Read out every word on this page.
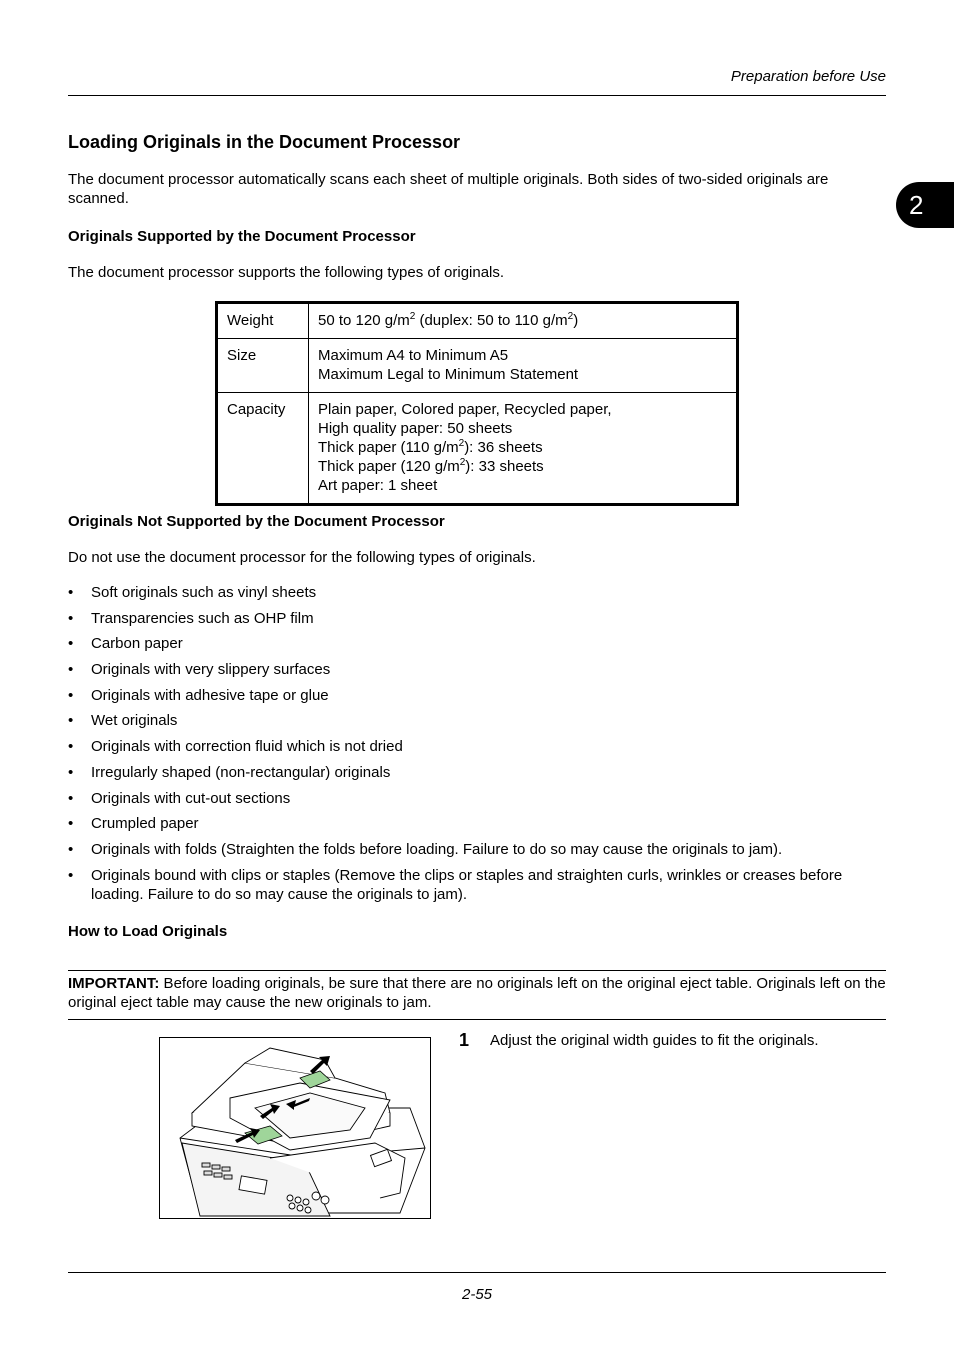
Preparation before Use
2
Loading Originals in the Document Processor
The document processor automatically scans each sheet of multiple originals. Both sides of two-sided originals are scanned.
Originals Supported by the Document Processor
The document processor supports the following types of originals.
Weight	50 to 120 $g/m^2$ (duplex: 50 to 110 $g/m^2$)
Size	Maximum A4 to Minimum A5
Maximum Legal to Minimum Statement

Capacity	Plain paper, Colored paper, Recycled paper,
High quality paper: 50 sheets
Thick paper (110 $g/m^2$): 36 sheets
Thick paper (120 $g/m^2$): 33 sheets
Art paper: 1 sheet
Originals Not Supported by the Document Processor
Do not use the document processor for the following types of originals.
• Soft originals such as vinyl sheets
• Transparencies such as OHP film
• Carbon paper
• Originals with very slippery surfaces
• Originals with adhesive tape or glue
• Wet originals
• Originals with correction fluid which is not dried
• Irregularly shaped (non-rectangular) originals
• Originals with cut-out sections
• Crumpled paper
• Originals with folds (Straighten the folds before loading. Failure to do so may cause the originals to jam).
• Originals bound with clips or staples (Remove the clips or staples and straighten curls, wrinkles or creases before loading. Failure to do so may cause the originals to jam).
How to Load Originals
IMPORTANT: Before loading originals, be sure that there are no originals left on the original eject table. Originals left on the original eject table may cause the new originals to jam.
1 Adjust the original width guides to fit the originals.
2-55
